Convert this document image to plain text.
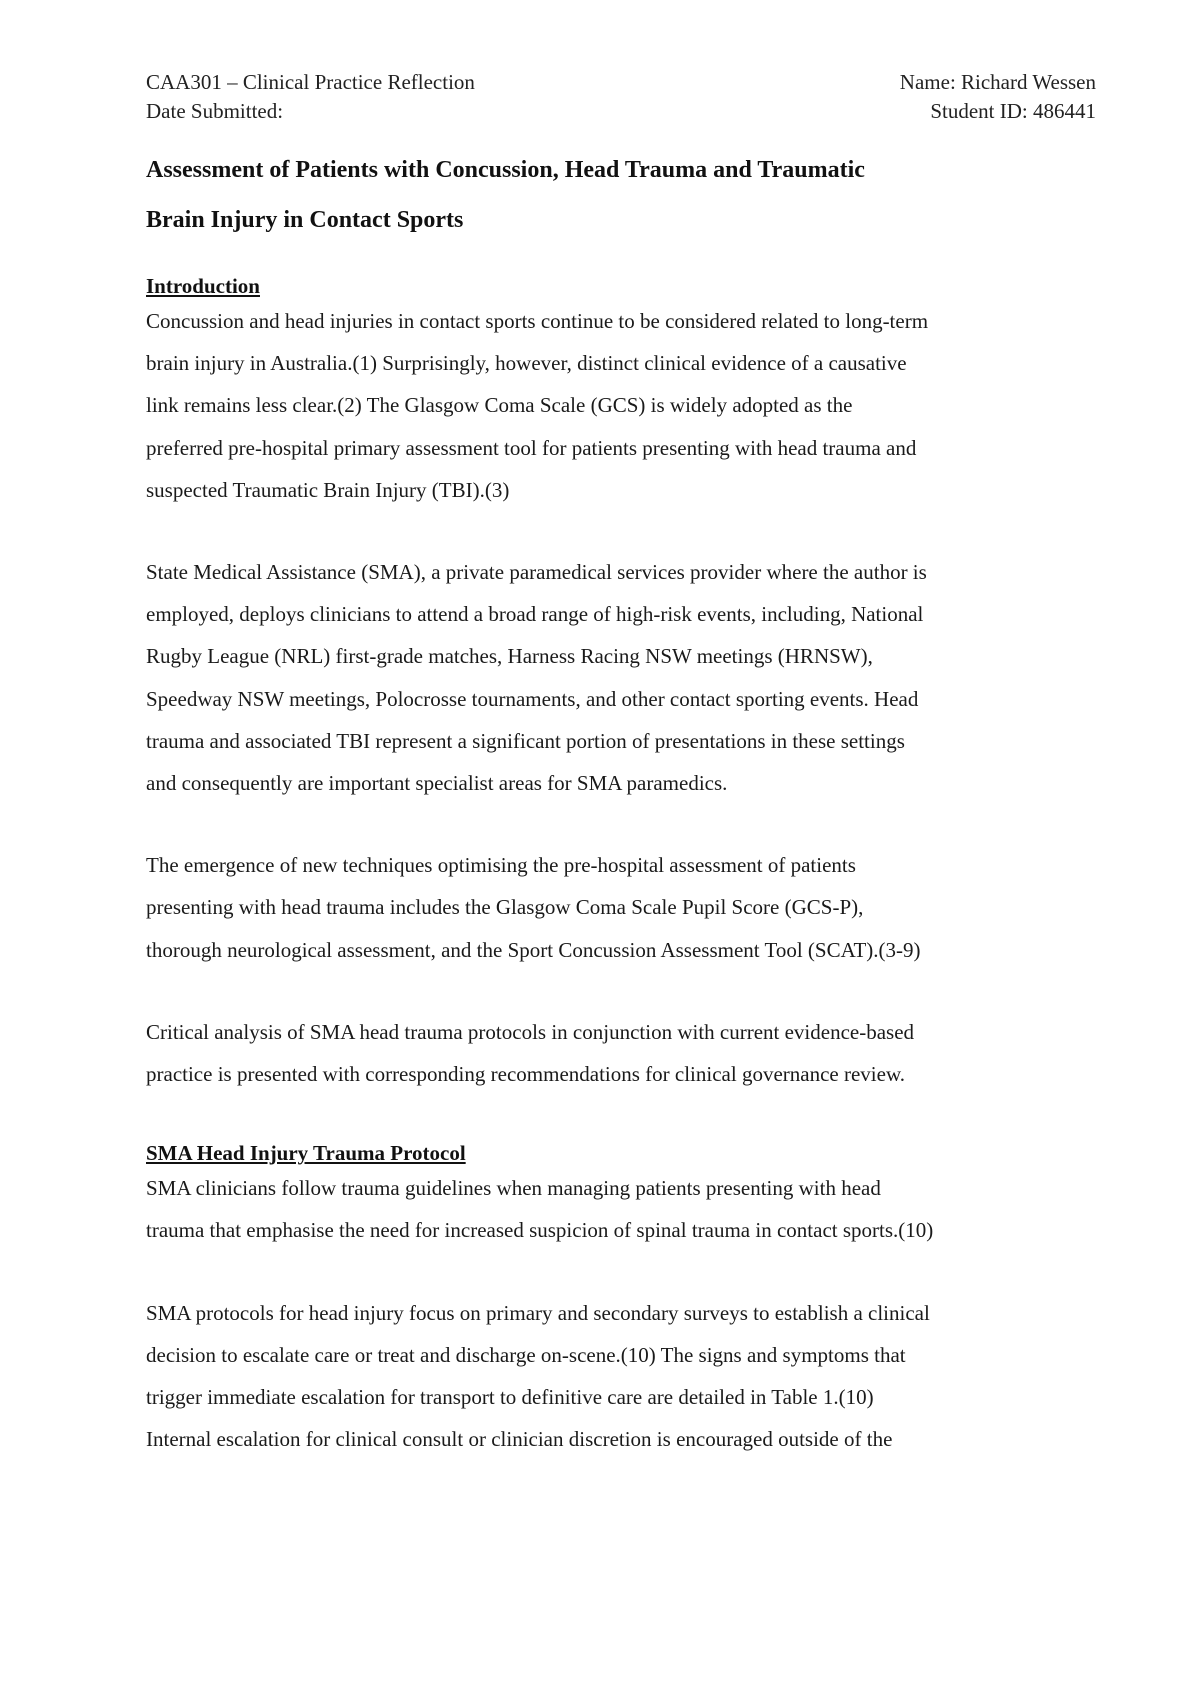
CAA301 – Clinical Practice Reflection	Name: Richard Wessen
Date Submitted:	Student ID: 486441
Assessment of Patients with Concussion, Head Trauma and Traumatic
Brain Injury in Contact Sports
Introduction

Concussion and head injuries in contact sports continue to be considered related to long-term
brain injury in Australia.(1) Surprisingly, however, distinct clinical evidence of a causative
link remains less clear.(2) The Glasgow Coma Scale (GCS) is widely adopted as the
preferred pre-hospital primary assessment tool for patients presenting with head trauma and
suspected Traumatic Brain Injury (TBI).(3)

State Medical Assistance (SMA), a private paramedical services provider where the author is
employed, deploys clinicians to attend a broad range of high-risk events, including, National
Rugby League (NRL) first-grade matches, Harness Racing NSW meetings (HRNSW),
Speedway NSW meetings, Polocrosse tournaments, and other contact sporting events. Head
trauma and associated TBI represent a significant portion of presentations in these settings
and consequently are important specialist areas for SMA paramedics.

The emergence of new techniques optimising the pre-hospital assessment of patients
presenting with head trauma includes the Glasgow Coma Scale Pupil Score (GCS-P),
thorough neurological assessment, and the Sport Concussion Assessment Tool (SCAT).(3-9)

Critical analysis of SMA head trauma protocols in conjunction with current evidence-based
practice is presented with corresponding recommendations for clinical governance review.

SMA Head Injury Trauma Protocol

SMA clinicians follow trauma guidelines when managing patients presenting with head
trauma that emphasise the need for increased suspicion of spinal trauma in contact sports.(10)

SMA protocols for head injury focus on primary and secondary surveys to establish a clinical
decision to escalate care or treat and discharge on-scene.(10) The signs and symptoms that
trigger immediate escalation for transport to definitive care are detailed in Table 1.(10)
Internal escalation for clinical consult or clinician discretion is encouraged outside of the
